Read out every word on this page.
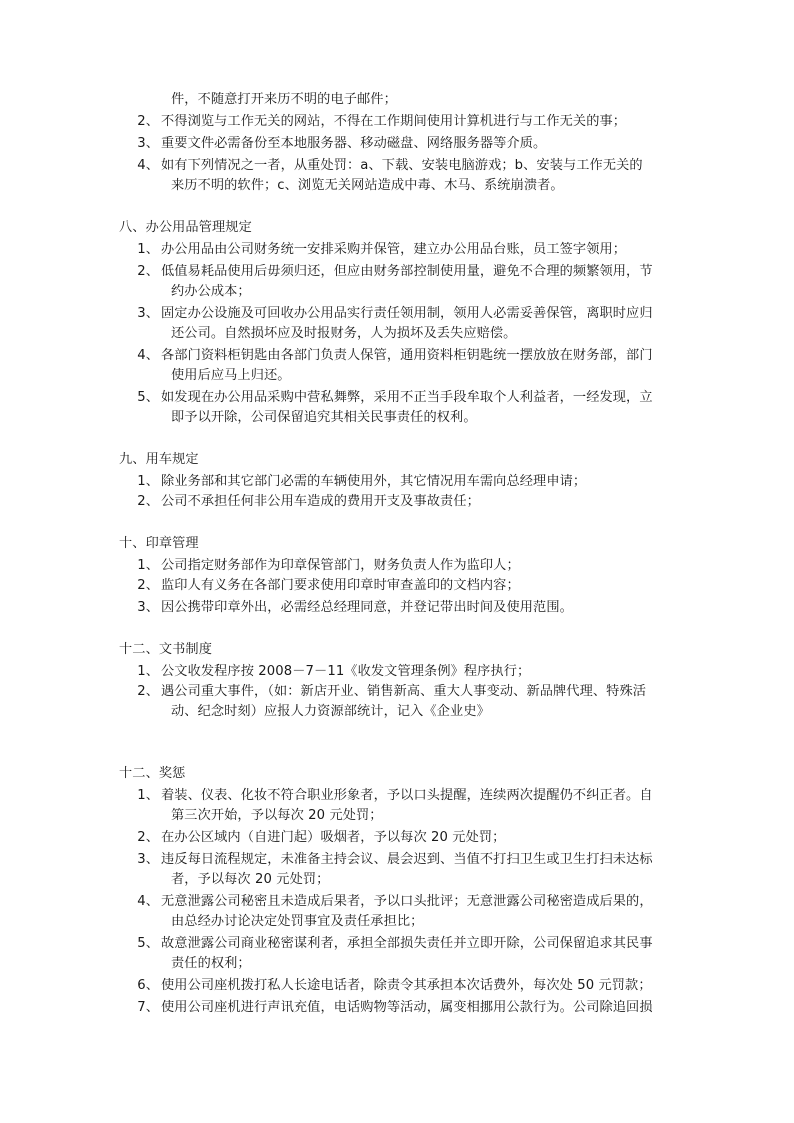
件，不随意打开来历不明的电子邮件；
2、 不得浏览与工作无关的网站，不得在工作期间使用计算机进行与工作无关的事；
3、 重要文件必需备份至本地服务器、移动磁盘、网络服务器等介质。
4、 如有下列情况之一者，从重处罚：a、下载、安装电脑游戏；b、安装与工作无关的
来历不明的软件；c、浏览无关网站造成中毒、木马、系统崩溃者。
八、办公用品管理规定
1、 办公用品由公司财务统一安排采购并保管，建立办公用品台账，员工签字领用；
2、 低值易耗品使用后毋须归还，但应由财务部控制使用量，避免不合理的频繁领用，节
约办公成本；
3、 固定办公设施及可回收办公用品实行责任领用制，领用人必需妥善保管，离职时应归
还公司。自然损坏应及时报财务，人为损坏及丢失应赔偿。
4、 各部门资料柜钥匙由各部门负责人保管，通用资料柜钥匙统一摆放放在财务部，部门
使用后应马上归还。
5、 如发现在办公用品采购中营私舞弊，采用不正当手段牟取个人利益者，一经发现，立
即予以开除，公司保留追究其相关民事责任的权利。
九、用车规定
1、 除业务部和其它部门必需的车辆使用外，其它情况用车需向总经理申请；
2、 公司不承担任何非公用车造成的费用开支及事故责任；
十、印章管理
1、 公司指定财务部作为印章保管部门，财务负责人作为监印人；
2、 监印人有义务在各部门要求使用印章时审查盖印的文档内容；
3、 因公携带印章外出，必需经总经理同意，并登记带出时间及使用范围。
十二、文书制度
1、 公文收发程序按 2008－7－11《收发文管理条例》程序执行；
2、 遇公司重大事件，（如：新店开业、销售新高、重大人事变动、新品牌代理、特殊活
动、纪念时刻）应报人力资源部统计，记入《企业史》
十二、奖惩
1、 着装、仪表、化妆不符合职业形象者，予以口头提醒，连续两次提醒仍不纠正者。自
第三次开始，予以每次 20 元处罚；
2、 在办公区域内（自进门起）吸烟者，予以每次 20 元处罚；
3、 违反每日流程规定，未准备主持会议、晨会迟到、当值不打扫卫生或卫生打扫未达标
者，予以每次 20 元处罚；
4、 无意泄露公司秘密且未造成后果者，予以口头批评；无意泄露公司秘密造成后果的，
由总经办讨论决定处罚事宜及责任承担比；
5、 故意泄露公司商业秘密谋利者，承担全部损失责任并立即开除，公司保留追求其民事
责任的权利；
6、 使用公司座机拨打私人长途电话者，除责令其承担本次话费外，每次处 50 元罚款；
7、 使用公司座机进行声讯充值，电话购物等活动，属变相挪用公款行为。公司除追回损
